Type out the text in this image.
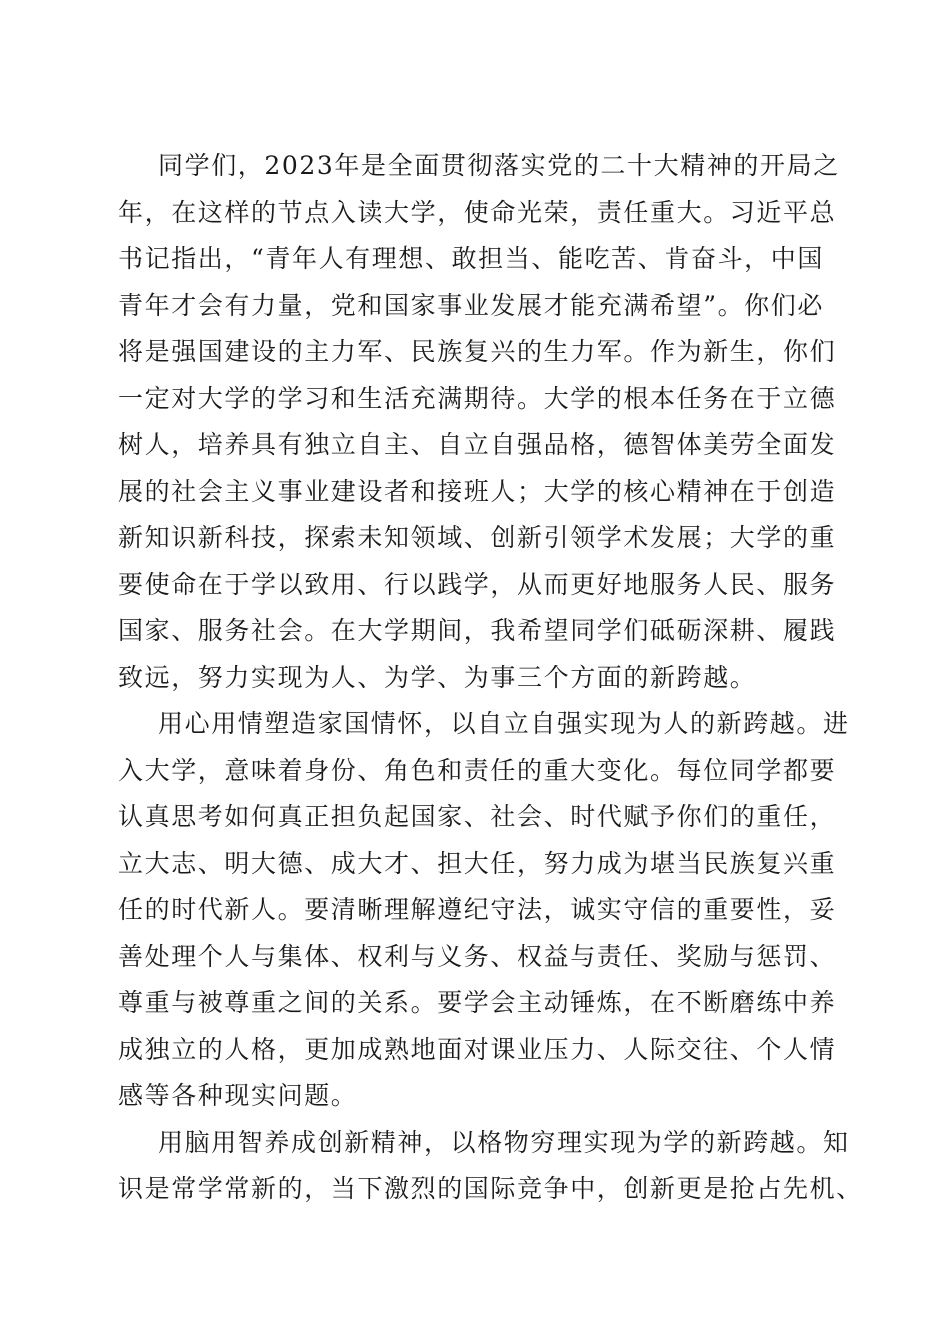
同学们，2023年是全面贯彻落实党的二十大精神的开局之
年，在这样的节点入读大学，使命光荣，责任重大。习近平总
书记指出，“青年人有理想、敢担当、能吃苦、肯奋斗，中国
青年才会有力量，党和国家事业发展才能充满希望”。你们必
将是强国建设的主力军、民族复兴的生力军。作为新生，你们
一定对大学的学习和生活充满期待。大学的根本任务在于立德
树人，培养具有独立自主、自立自强品格，德智体美劳全面发
展的社会主义事业建设者和接班人；大学的核心精神在于创造
新知识新科技，探索未知领域、创新引领学术发展；大学的重
要使命在于学以致用、行以践学，从而更好地服务人民、服务
国家、服务社会。在大学期间，我希望同学们砥砺深耕、履践
致远，努力实现为人、为学、为事三个方面的新跨越。
用心用情塑造家国情怀，以自立自强实现为人的新跨越。进
入大学，意味着身份、角色和责任的重大变化。每位同学都要
认真思考如何真正担负起国家、社会、时代赋予你们的重任，
立大志、明大德、成大才、担大任，努力成为堪当民族复兴重
任的时代新人。要清晰理解遵纪守法，诚实守信的重要性，妥
善处理个人与集体、权利与义务、权益与责任、奖励与惩罚、
尊重与被尊重之间的关系。要学会主动锤炼，在不断磨练中养
成独立的人格，更加成熟地面对课业压力、人际交往、个人情
感等各种现实问题。
用脑用智养成创新精神，以格物穷理实现为学的新跨越。知
识是常学常新的，当下激烈的国际竞争中，创新更是抢占先机、
